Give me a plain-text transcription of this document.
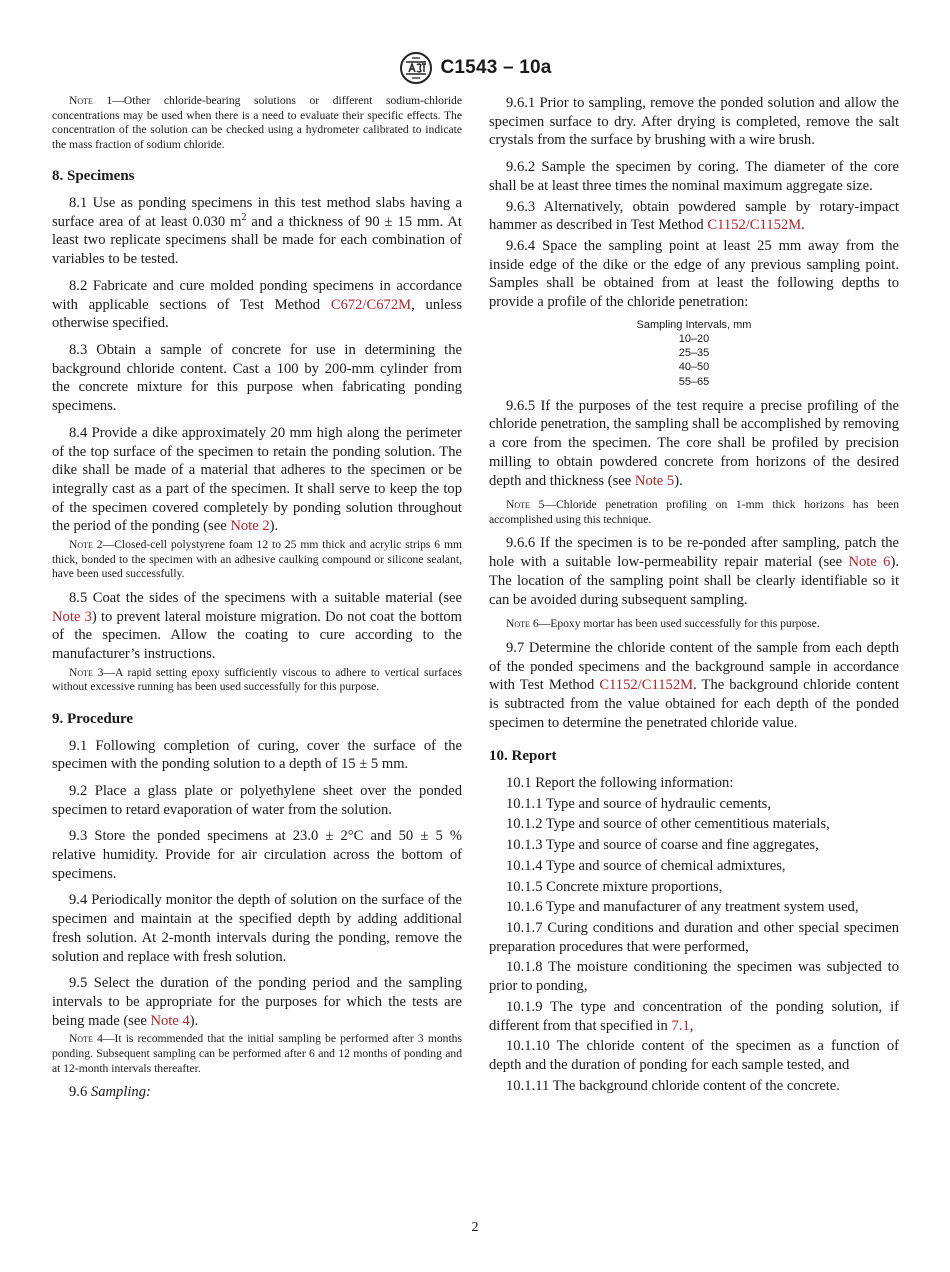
C1543 – 10a
Note 1—Other chloride-bearing solutions or different sodium-chloride concentrations may be used when there is a need to evaluate their specific effects. The concentration of the solution can be checked using a hydrometer calibrated to indicate the mass fraction of sodium chloride.
8. Specimens

8.1 Use as ponding specimens in this test method slabs having a surface area of at least 0.030 $m^2$ and a thickness of 90 ± 15 mm. At least two replicate specimens shall be made for each combination of variables to be tested.

8.2 Fabricate and cure molded ponding specimens in accordance with applicable sections of Test Method C672/C672M, unless otherwise specified.

8.3 Obtain a sample of concrete for use in determining the background chloride content. Cast a 100 by 200-mm cylinder from the concrete mixture for this purpose when fabricating ponding specimens.

8.4 Provide a dike approximately 20 mm high along the perimeter of the top surface of the specimen to retain the ponding solution. The dike shall be made of a material that adheres to the specimen or be integrally cast as a part of the specimen. It shall serve to keep the top of the specimen covered completely by ponding solution throughout the period of the ponding (see Note 2).

Note 2—Closed-cell polystyrene foam 12 to 25 mm thick and acrylic strips 6 mm thick, bonded to the specimen with an adhesive caulking compound or silicone sealant, have been used successfully.

8.5 Coat the sides of the specimens with a suitable material (see Note 3) to prevent lateral moisture migration. Do not coat the bottom of the specimen. Allow the coating to cure according to the manufacturer’s instructions.

Note 3—A rapid setting epoxy sufficiently viscous to adhere to vertical surfaces without excessive running has been used successfully for this purpose.
9. Procedure

9.1 Following completion of curing, cover the surface of the specimen with the ponding solution to a depth of 15 ± 5 mm.

9.2 Place a glass plate or polyethylene sheet over the ponded specimen to retard evaporation of water from the solution.

9.3 Store the ponded specimens at 23.0 ± 2°C and 50 ± 5 % relative humidity. Provide for air circulation across the bottom of specimens.

9.4 Periodically monitor the depth of solution on the surface of the specimen and maintain at the specified depth by adding additional fresh solution. At 2-month intervals during the ponding, remove the solution and replace with fresh solution.

9.5 Select the duration of the ponding period and the sampling intervals to be appropriate for the purposes for which the tests are being made (see Note 4).

Note 4—It is recommended that the initial sampling be performed after 3 months ponding. Subsequent sampling can be performed after 6 and 12 months of ponding and at 12-month intervals thereafter.

9.6 Sampling:

9.6.1 Prior to sampling, remove the ponded solution and allow the specimen surface to dry. After drying is completed, remove the salt crystals from the surface by brushing with a wire brush.

9.6.2 Sample the specimen by coring. The diameter of the core shall be at least three times the nominal maximum aggregate size.

9.6.3 Alternatively, obtain powdered sample by rotary-impact hammer as described in Test Method C1152/C1152M.

9.6.4 Space the sampling point at least 25 mm away from the inside edge of the dike or the edge of any previous sampling point. Samples shall be obtained from at least the following depths to provide a profile of the chloride penetration:

Sampling Intervals, mm
10–20
25–35
40–50
55–65

9.6.5 If the purposes of the test require a precise profiling of the chloride penetration, the sampling shall be accomplished by removing a core from the specimen. The core shall be profiled by precision milling to obtain powdered concrete from horizons of the desired depth and thickness (see Note 5).

Note 5—Chloride penetration profiling on 1-mm thick horizons has been accomplished using this technique.

9.6.6 If the specimen is to be re-ponded after sampling, patch the hole with a suitable low-permeability repair material (see Note 6). The location of the sampling point shall be clearly identifiable so it can be avoided during subsequent sampling.

Note 6—Epoxy mortar has been used successfully for this purpose.

9.7 Determine the chloride content of the sample from each depth of the ponded specimens and the background sample in accordance with Test Method C1152/C1152M. The background chloride content is subtracted from the value obtained for each depth of the ponded specimen to determine the penetrated chloride value.

10. Report

10.1 Report the following information:

10.1.1 Type and source of hydraulic cements,

10.1.2 Type and source of other cementitious materials,

10.1.3 Type and source of coarse and fine aggregates,

10.1.4 Type and source of chemical admixtures,

10.1.5 Concrete mixture proportions,

10.1.6 Type and manufacturer of any treatment system used,

10.1.7 Curing conditions and duration and other special specimen preparation procedures that were performed,

10.1.8 The moisture conditioning the specimen was subjected to prior to ponding,

10.1.9 The type and concentration of the ponding solution, if different from that specified in 7.1,

10.1.10 The chloride content of the specimen as a function of depth and the duration of ponding for each sample tested, and

10.1.11 The background chloride content of the concrete.

2
